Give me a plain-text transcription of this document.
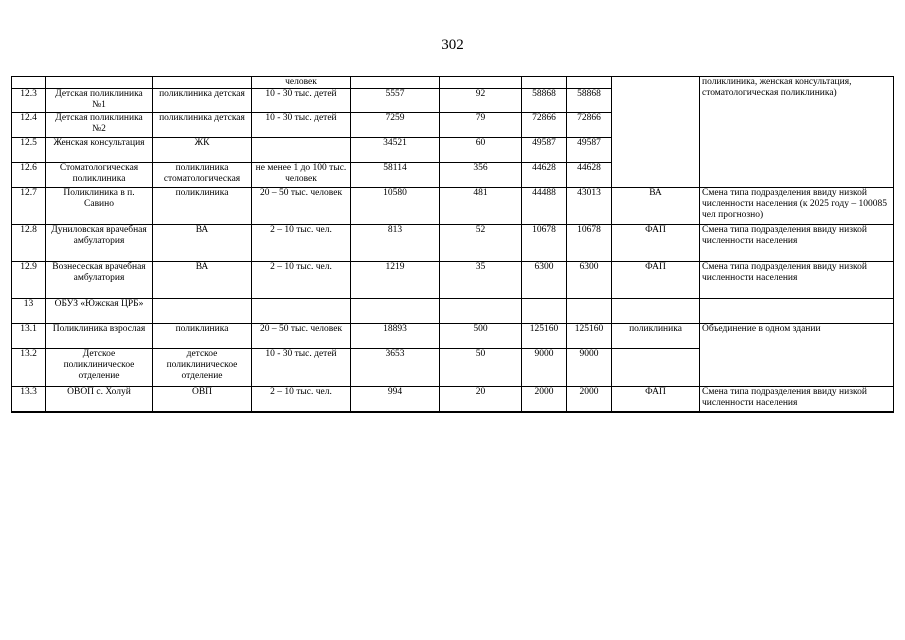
302
			человек						поликлиника, женская консультация, стоматологическая поликлиника)
12.3	Детская поликлиника №1	поликлиника детская	10 - 30 тыс. детей	5557	92	58868	58868		
12.4	Детская поликлиника №2	поликлиника детская	10 - 30 тыс. детей	7259	79	72866	72866		
12.5	Женская консультация	ЖК		34521	60	49587	49587		
12.6	Стоматологическая поликлиника	поликлиника стоматологическая	не менее 1 до 100 тыс. человек	58114	356	44628	44628		
12.7	Поликлиника в п. Савино	поликлиника	20 – 50 тыс. человек	10580	481	44488	43013	ВА	Смена типа подразделения ввиду низкой численности населения (к 2025 году – 100085 чел прогнозно)
12.8	Дуниловская врачебная амбулатория	ВА	2 – 10 тыс. чел.	813	52	10678	10678	ФАП	Смена типа подразделения ввиду низкой численности населения
12.9	Вознесеская врачебная амбулатория	ВА	2 – 10 тыс. чел.	1219	35	6300	6300	ФАП	Смена типа подразделения ввиду низкой численности населения
13	ОБУЗ «Южская ЦРБ»								
13.1	Поликлиника взрослая	поликлиника	20 – 50 тыс. человек	18893	500	125160	125160	поликлиника	Объединение в одном здании
13.2	Детское поликлиническое отделение	детское поликлиническое отделение	10 - 30 тыс. детей	3653	50	9000	9000		
13.3	ОВОП с. Холуй	ОВП	2 – 10 тыс. чел.	994	20	2000	2000	ФАП	Смена типа подразделения ввиду низкой численности населения
